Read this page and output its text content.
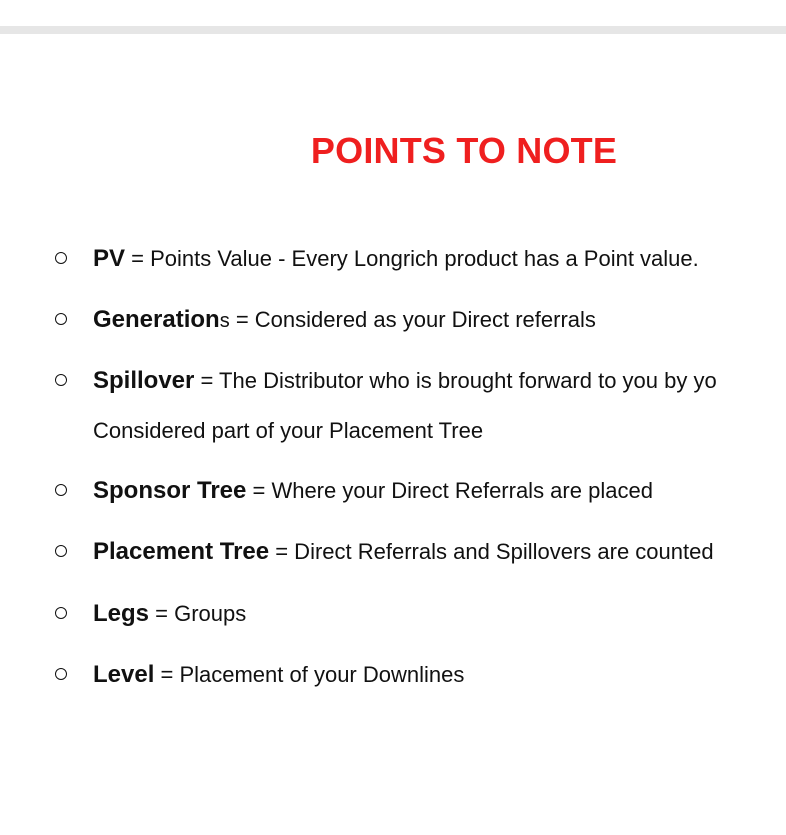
POINTS TO NOTE
PV = Points Value - Every Longrich product has a Point value.
Generations = Considered as your Direct referrals
Spillover = The Distributor who is brought forward to you by yo
Considered part of your Placement Tree
Sponsor Tree = Where your Direct Referrals are placed
Placement Tree = Direct Referrals and Spillovers are counted
Legs = Groups
Level = Placement of your Downlines
